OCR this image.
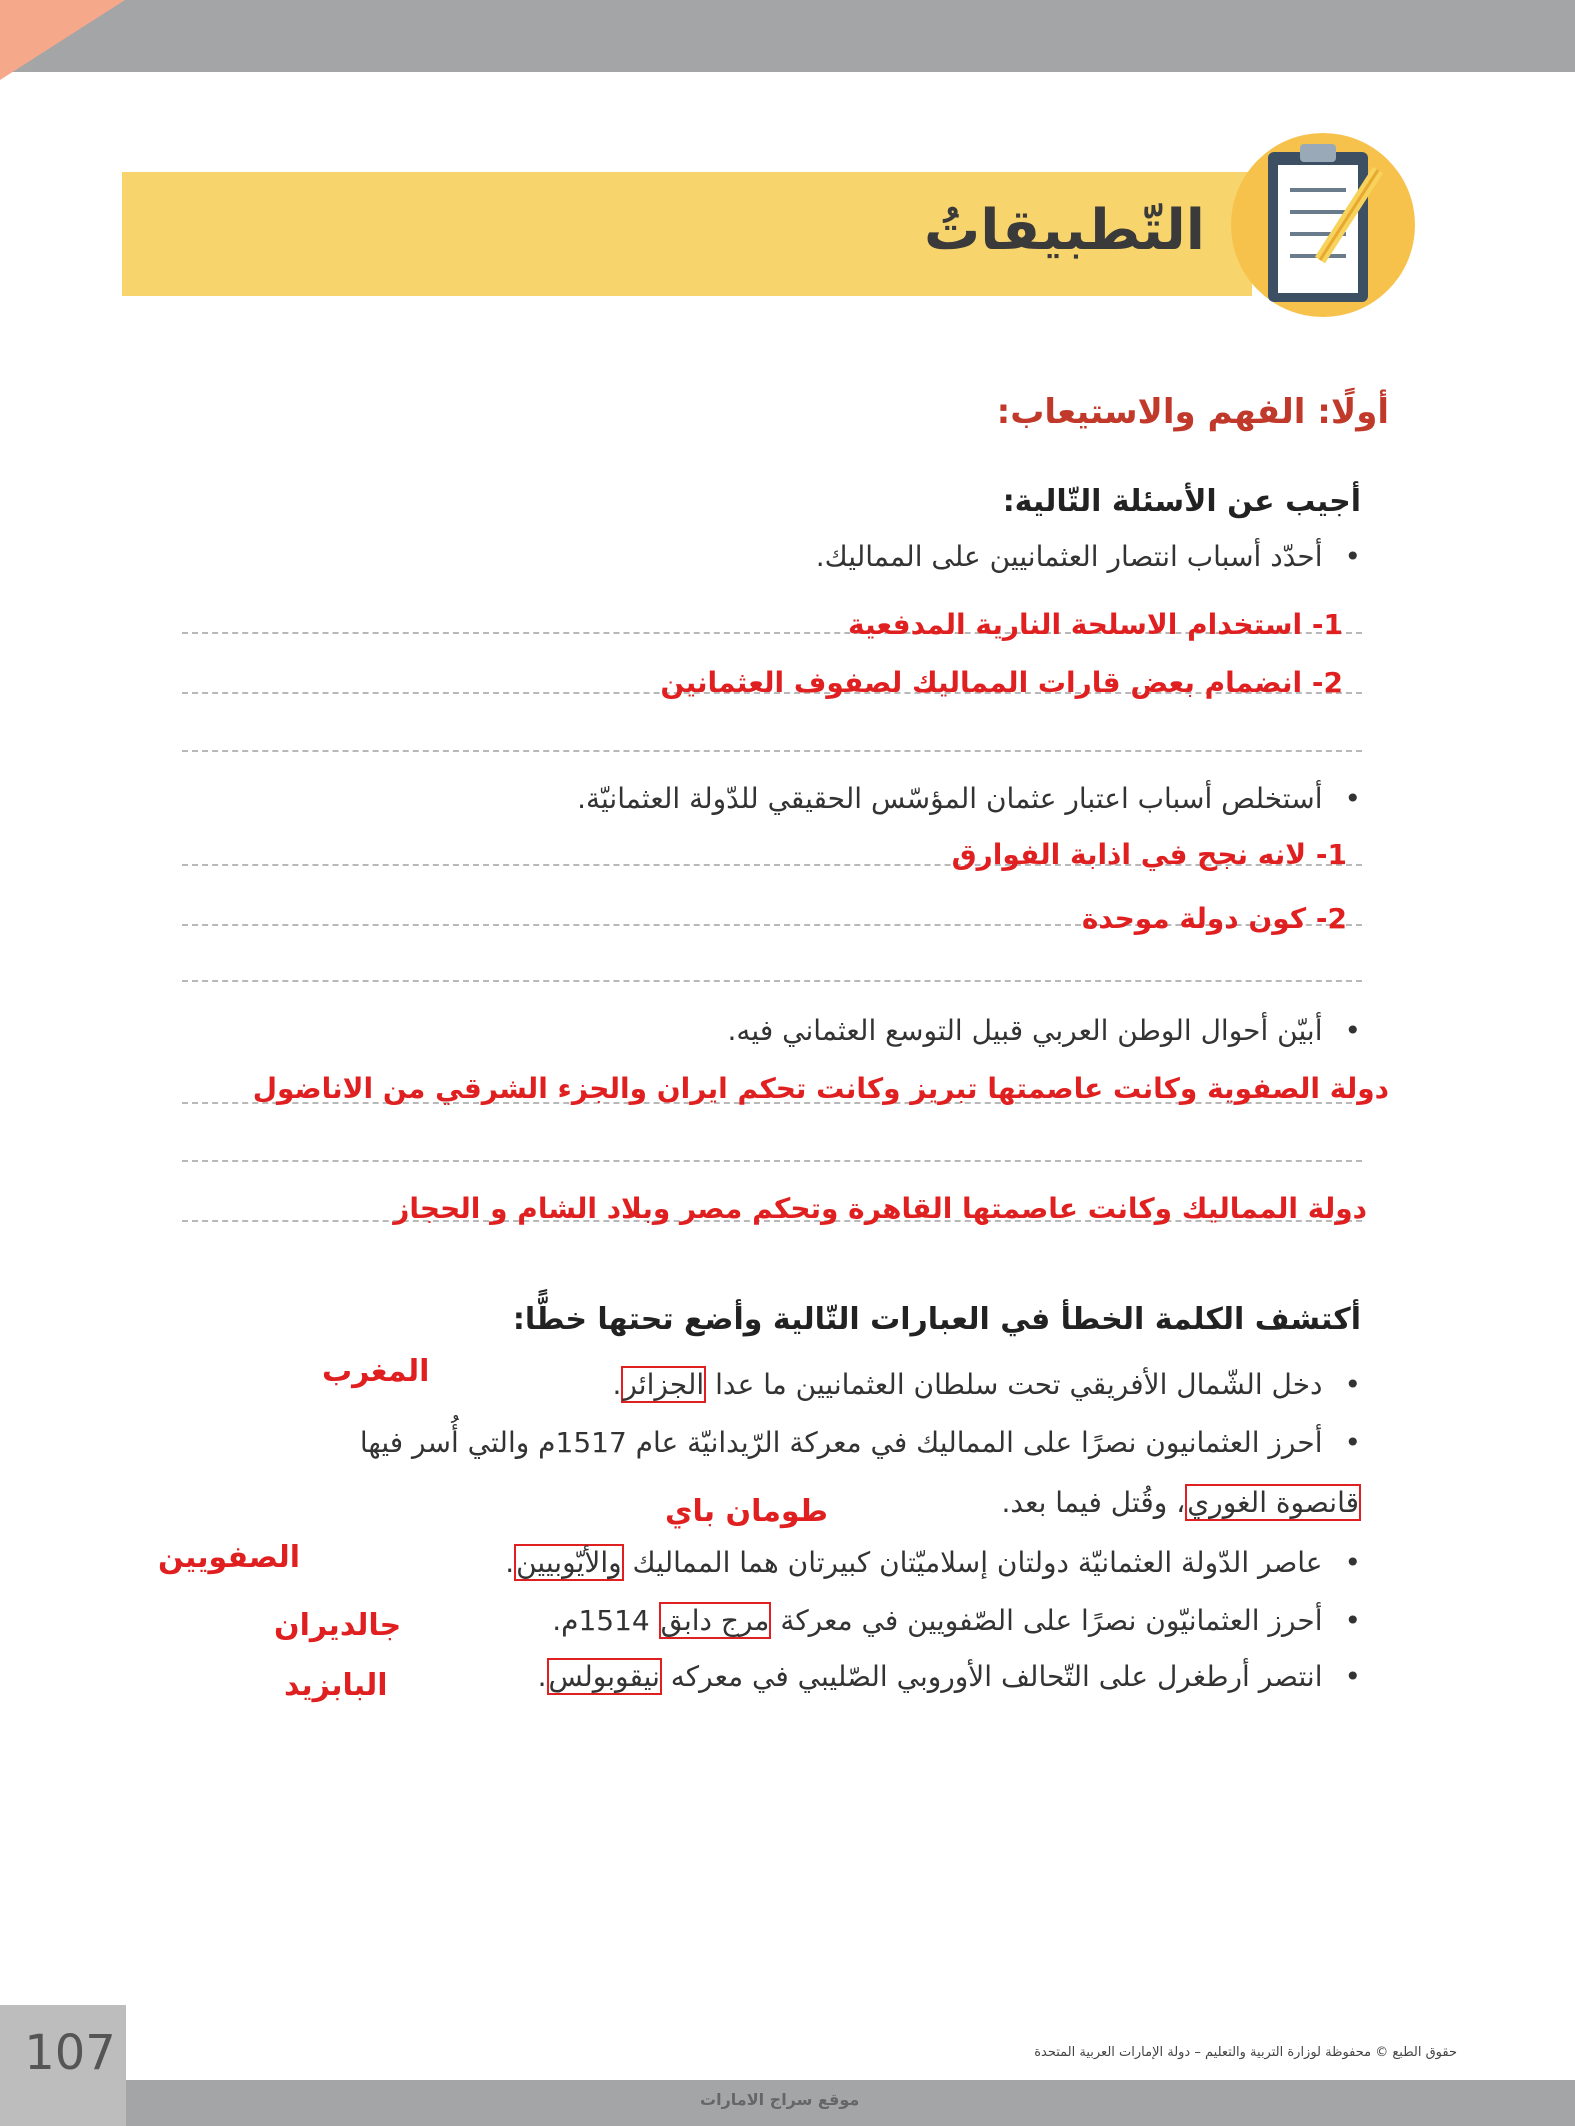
التّطبيقاتُ
أولًا: الفهم والاستيعاب:
أجيب عن الأسئلة التّالية:
•أحدّد أسباب انتصار العثمانيين على المماليك.
1- استخدام الاسلحة النارية المدفعية
2- انضمام بعض قارات المماليك لصفوف العثمانين
•أستخلص أسباب اعتبار عثمان المؤسّس الحقيقي للدّولة العثمانيّة.
1- لانه نجح في اذابة الفوارق
2- كون دولة موحدة
•أبيّن أحوال الوطن العربي قبيل التوسع العثماني فيه.
دولة الصفوية وكانت عاصمتها تبريز وكانت تحكم ايران والجزء الشرقي من الاناضول
دولة المماليك وكانت عاصمتها القاهرة وتحكم مصر وبلاد الشام و الحجاز
أكتشف الكلمة الخطأ في العبارات التّالية وأضع تحتها خطًّا:
•دخل الشّمال الأفريقي تحت سلطان العثمانيين ما عدا الجزائر.
المغرب
•أحرز العثمانيون نصرًا على المماليك في معركة الرّيدانيّة عام 1517م والتي أُسر فيها
قانصوة الغوري، وقُتل فيما بعد.
طومان باي
•عاصر الدّولة العثمانيّة دولتان إسلاميّتان كبيرتان هما المماليك والأيّوبيين.
الصفويين
•أحرز العثمانيّون نصرًا على الصّفويين في معركة مرج دابق 1514م.
جالديران
•انتصر أرطغرل على التّحالف الأوروبي الصّليبي في معركه نيقوبولس.
البابزيد
حقوق الطبع © محفوظة لوزارة التربية والتعليم – دولة الإمارات العربية المتحدة
107
موقع سراج الامارات
